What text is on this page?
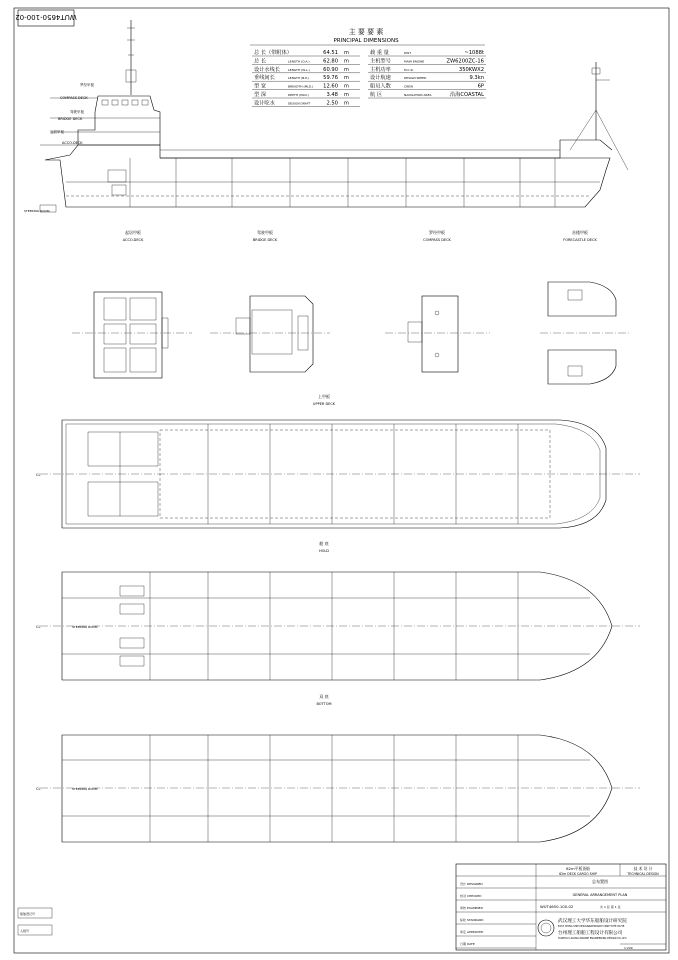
WUT4650-100-02
主 要 要 素
PRINCIPAL DIMENSIONS
总 长（带附体）	64.51 m
总 长	LENGTH (O.A.)	62.80 m
设计水线长	LENGTH (W.L.)	60.90 m
垂线间长	LENGTH (B.P.)	59.76 m
型 宽	BREADTH (MLD.) 12.60 m
型 深	DEPTH (MLD.)	3.48 m
设计吃水	DESIGN DRAFT	2.50 m
载 重 量	DWT	~1088t
主机型号	MAIN ENGINE	ZW6200ZC-16
主机功率	M.C.R.	350KWX2
设计航速	DESIGN SPEED	9.3kn
船员人数	CREW	6P
航 区	NAVIGATION AREA	沿海COASTAL
罗经甲板
COMPASS DECK
驾驶甲板
BRIDGE DECK
起居甲板
ACCO.DECK
STEERING ROOM
起居甲板
ACCO.DECK
驾驶甲板
BRIDGE DECK
罗经甲板
COMPASS DECK
首楼甲板
FORECASTLE DECK
上甲板
UPPER DECK
CL
舱 底
HOLD
CL	STEERING ROOM
双 底
BOTTOM
CL	STEERING ROOM
船舶登记号
入级号
62m平板货船
62m DECK CARGO SHIP
技 术 设 计
TECHNICAL DESIGN
总布置图
GENERAL ARRANGEMENT PLAN
WUT4650-100-02	共 1 张 第 1 张
武汉理工大学华东船舶设计研究院
EAST CHINA SHIP DESIGN&RESEARCH INSTITUTE WUTE
台州理工船舶工程设计有限公司
TAIZHOU LIGONG MARINE ENGINEERING DESIGN CO.,LTD
1:200
设计 DESIGNED
校对 CHECKED
审核 EXAMINED
标检 STANDARD
审定 APPROVED
日期 DATE
